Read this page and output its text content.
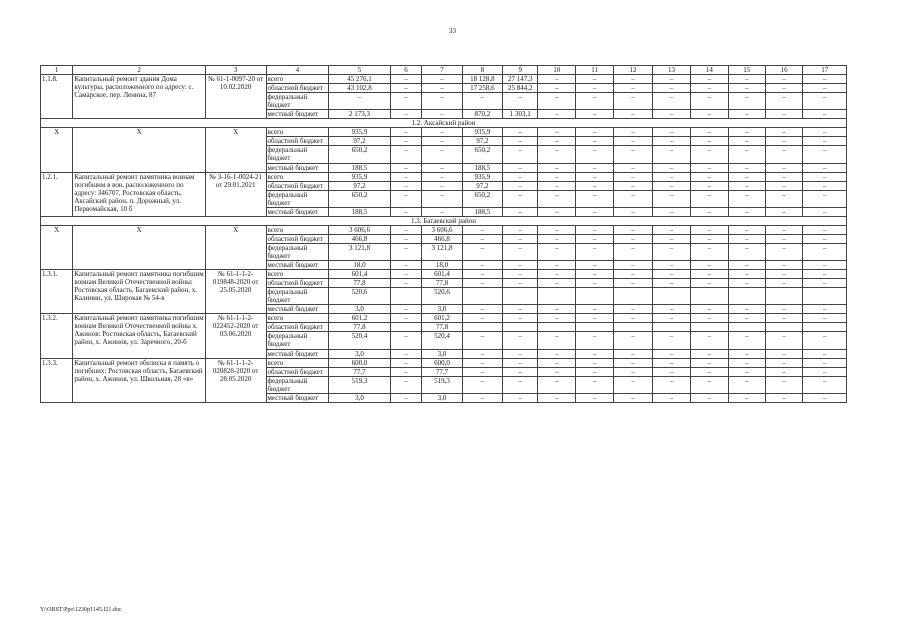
33
1	2	3	4	5	6	7	8	9	10	11	12	13	14	15	16	17
1.1.8.	Капитальный ремонт здания Дома культуры, расположенного по адресу: с. Самарское, пер. Ленина, 87	№ 61-1-0097-20 от 10.02.2020	всего	45 276,1	–	–	18 128,8	27 147,3	–	–	–	–	–	–	–	–
			областной бюджет	43 102,8	–	–	17 258,6	25 844,2	–	–	–	–	–	–	–	–
			федеральный бюджет	–	–	–	–	–	–	–	–	–	–	–	–	–
			местный бюджет	2 173,3	–	–	870,2	1 303,1	–	–	–	–	–	–	–	–
1.2. Аксайский район																
X	X	X	всего	935,9	–	–	935,9	–	–	–	–	–	–	–	–	–
			областной бюджет	97,2	–	–	97,2	–	–	–	–	–	–	–	–	–
			федеральный бюджет	650,2	–	–	650,2	–	–	–	–	–	–	–	–	–
			местный бюджет	188,5	–	–	188,5	–	–	–	–	–	–	–	–	–
1.2.1.	Капитальный ремонт памятника воинам погибшим в вов, расположенного по адресу: 346707, Ростовская область, Аксайский район, п. Дорожный, ул. Первомайская, 10 б	№ 3-16-1-0024-21 от 29.01.2021	всего	935,9	–	–	935,9	–	–	–	–	–	–	–	–	–
			областной бюджет	97,2	–	–	97,2	–	–	–	–	–	–	–	–	–
			федеральный бюджет	650,2	–	–	650,2	–	–	–	–	–	–	–	–	–
			местный бюджет	188,5	–	–	188,5	–	–	–	–	–	–	–	–	–
1.3. Багаевский район																
X	X	X	всего	3 606,6	–	3 606,6	–	–	–	–	–	–	–	–	–	–
			областной бюджет	466,8	–	466,8	–	–	–	–	–	–	–	–	–	–
			федеральный бюджет	3 121,8	–	3 121,8	–	–	–	–	–	–	–	–	–	–
			местный бюджет	18,0	–	18,0	–	–	–	–	–	–	–	–	–	–
1.3.1.	Капитальный ремонт памятника погибшим воинам Великой Отечественной войны: Ростовская область, Багаевский район, х. Калинин, ул. Широкая № 54-в	№ 61-1-1-2-019848-2020 от 25.05.2020	всего	601,4	–	601,4	–	–	–	–	–	–	–	–	–	–
			областной бюджет	77,8	–	77,8	–	–	–	–	–	–	–	–	–	–
			федеральный бюджет	520,6		520,6										
			местный бюджет	3,0	–	3,0	–	–	–	–	–	–	–	–	–	–
1.3.2.	Капитальный ремонт памятника погибшим воинам Великой Отечественной войны х. Ажинов: Ростовская область, Багаевский район, х. Ажинов, ул. Заречного, 20-б	№ 61-1-1-2-022452-2020 от 03.06.2020	всего	601,2	–	601,2	–	–	–	–	–	–	–	–	–	–
			областной бюджет	77,8		77,8										
			федеральный бюджет	520,4	–	520,4	–	–	–	–	–	–	–	–	–	–
			местный бюджет	3,0	–	3,0	–	–	–	–	–	–	–	–	–	–
1.3.3.	Капитальный ремонт обелиска в память о погибших: Ростовская область, Багаевский район, х. Ажинов, ул. Школьная, 28 «в»	№ 61-1-1-2-020828-2020 от 28.05.2020	всего	600,0	–	600,0	–	–	–	–	–	–	–	–	–	–
			областной бюджет	77,7	–	77,7	–	–	–	–	–	–	–	–	–	–
			федеральный бюджет	519,3	–	519,3	–	–	–	–	–	–	–	–	–	–
			местный бюджет	3,0	–	3,0	–	–	–	–	–	–	–	–	–	–
Y:\ORST\Ppo\1230p1145.f21.doc
